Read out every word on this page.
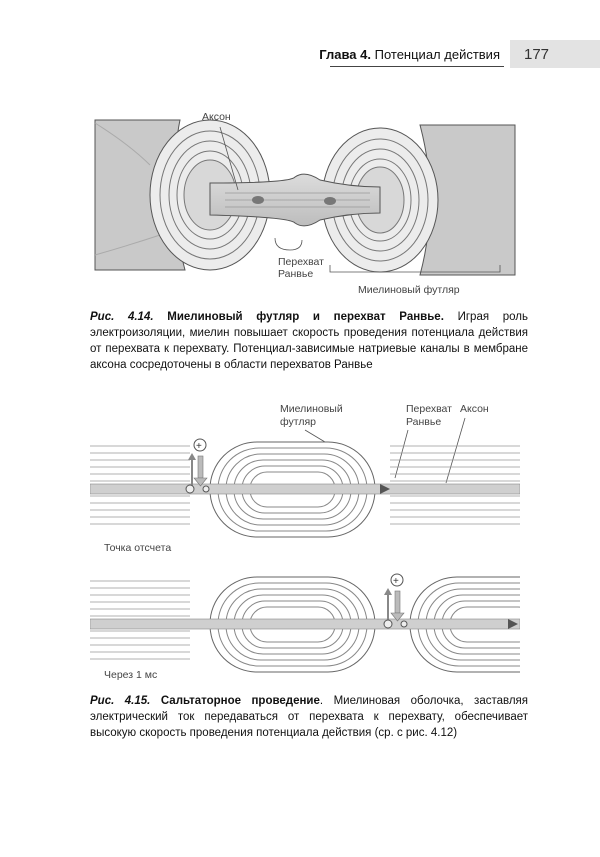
Глава 4. Потенциал действия	177
Аксон
Перехват
Ранвье
Миелиновый футляр
Рис. 4.14. Миелиновый футляр и перехват Ранвье. Играя роль электроизоляции, миелин повышает скорость проведения потенциала действия от перехвата к перехвату. Потенциал-зависимые натриевые каналы в мембране аксона сосредоточены в области перехватов Ранвье
Миелиновый
футляр
Перехват
Ранвье
Аксон
+
Точка отсчета
+
Через 1 мс
Рис. 4.15. Сальтаторное проведение. Миелиновая оболочка, заставляя электрический ток передаваться от перехвата к перехвату, обеспечивает высокую скорость проведения потенциала действия (ср. с рис. 4.12)
